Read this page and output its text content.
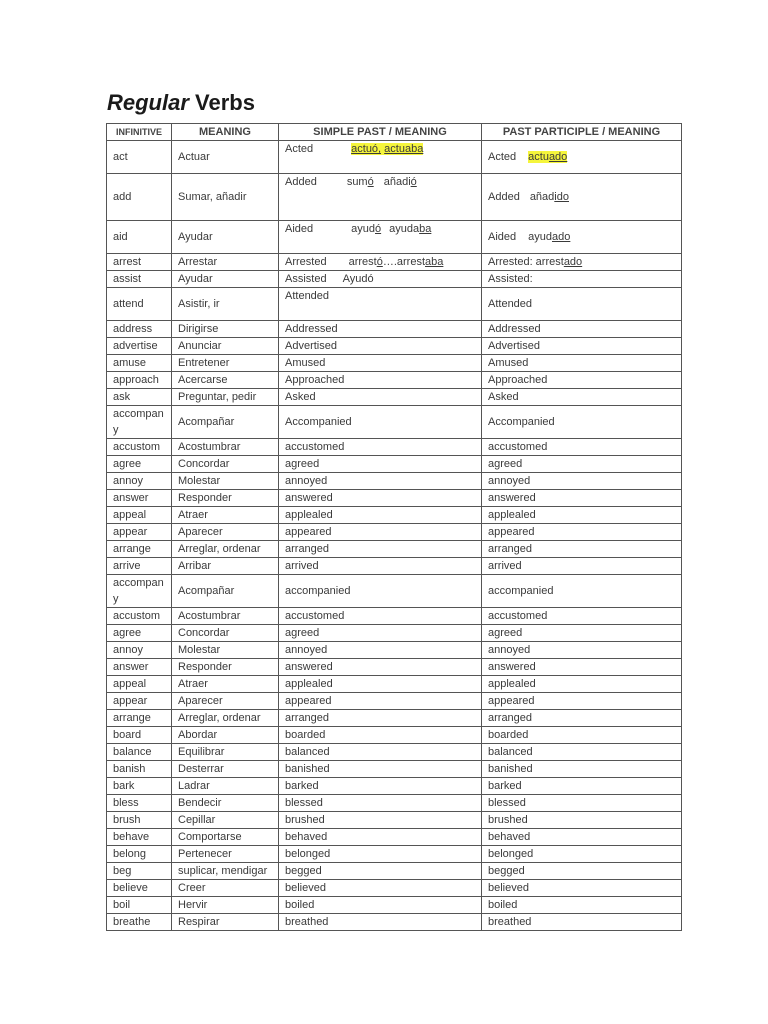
Regular Verbs
INFINITIVE	MEANING	SIMPLE PAST / MEANING	PAST PARTICIPLE / MEANING
act	Actuar	Acted actuó, actuaba	Acted actuado
add	Sumar, añadir	Added sumó añadió	Added añadido
aid	Ayudar	Aided ayudó ayudaba	Aided ayudado
arrest	Arrestar	Arrested arrestó….arrestaba	Arrested: arrestado
assist	Ayudar	Assisted Ayudó	Assisted:
attend	Asistir, ir	Attended	Attended
address	Dirigirse	Addressed	Addressed
advertise	Anunciar	Advertised	Advertised
amuse	Entretener	Amused	Amused
approach	Acercarse	Approached	Approached
ask	Preguntar, pedir	Asked	Asked
accompany	Acompañar	Accompanied	Accompanied
accustom	Acostumbrar	accustomed	accustomed
agree	Concordar	agreed	agreed
annoy	Molestar	annoyed	annoyed
answer	Responder	answered	answered
appeal	Atraer	applealed	applealed
appear	Aparecer	appeared	appeared
arrange	Arreglar, ordenar	arranged	arranged
arrive	Arribar	arrived	arrived
accompany	Acompañar	accompanied	accompanied
accustom	Acostumbrar	accustomed	accustomed
agree	Concordar	agreed	agreed
annoy	Molestar	annoyed	annoyed
answer	Responder	answered	answered
appeal	Atraer	applealed	applealed
appear	Aparecer	appeared	appeared
arrange	Arreglar, ordenar	arranged	arranged
board	Abordar	boarded	boarded
balance	Equilibrar	balanced	balanced
banish	Desterrar	banished	banished
bark	Ladrar	barked	barked
bless	Bendecir	blessed	blessed
brush	Cepillar	brushed	brushed
behave	Comportarse	behaved	behaved
belong	Pertenecer	belonged	belonged
beg	suplicar, mendigar	begged	begged
believe	Creer	believed	believed
boil	Hervir	boiled	boiled
breathe	Respirar	breathed	breathed
